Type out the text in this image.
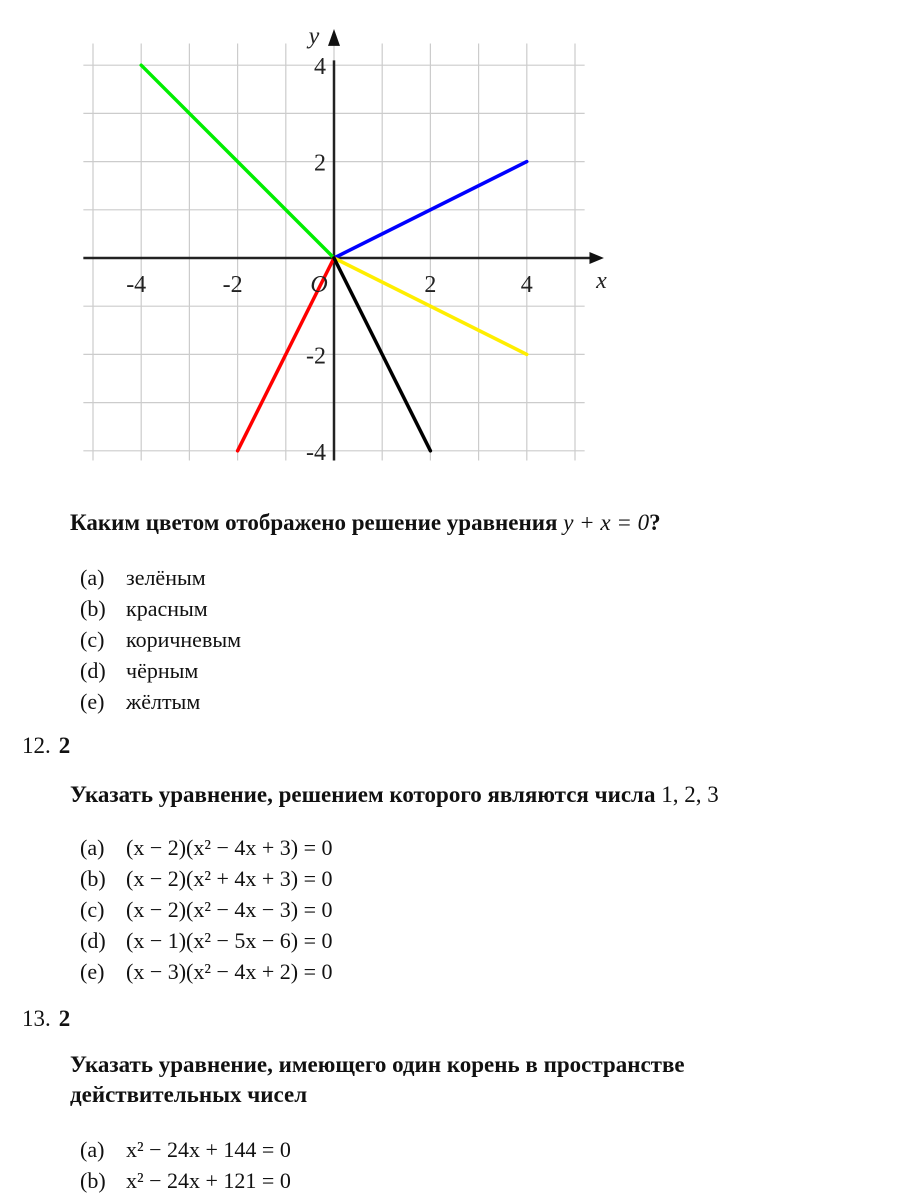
-4	-2	2	4
4
2
-2
-4
O	x
y
Каким цветом отображено решение уравнения y + x = 0?
(a) зелёным
(b) красным
(c) коричневым
(d) чёрным
(e) жёлтым
12. 2
Указать уравнение, решением которого являются числа 1, 2, 3
(a) (x − 2)(x² − 4x + 3) = 0
(b) (x − 2)(x² + 4x + 3) = 0
(c) (x − 2)(x² − 4x − 3) = 0
(d) (x − 1)(x² − 5x − 6) = 0
(e) (x − 3)(x² − 4x + 2) = 0
13. 2
Указать уравнение, имеющего один корень в пространстве действительных чисел
(a) x² − 24x + 144 = 0
(b) x² − 24x + 121 = 0
